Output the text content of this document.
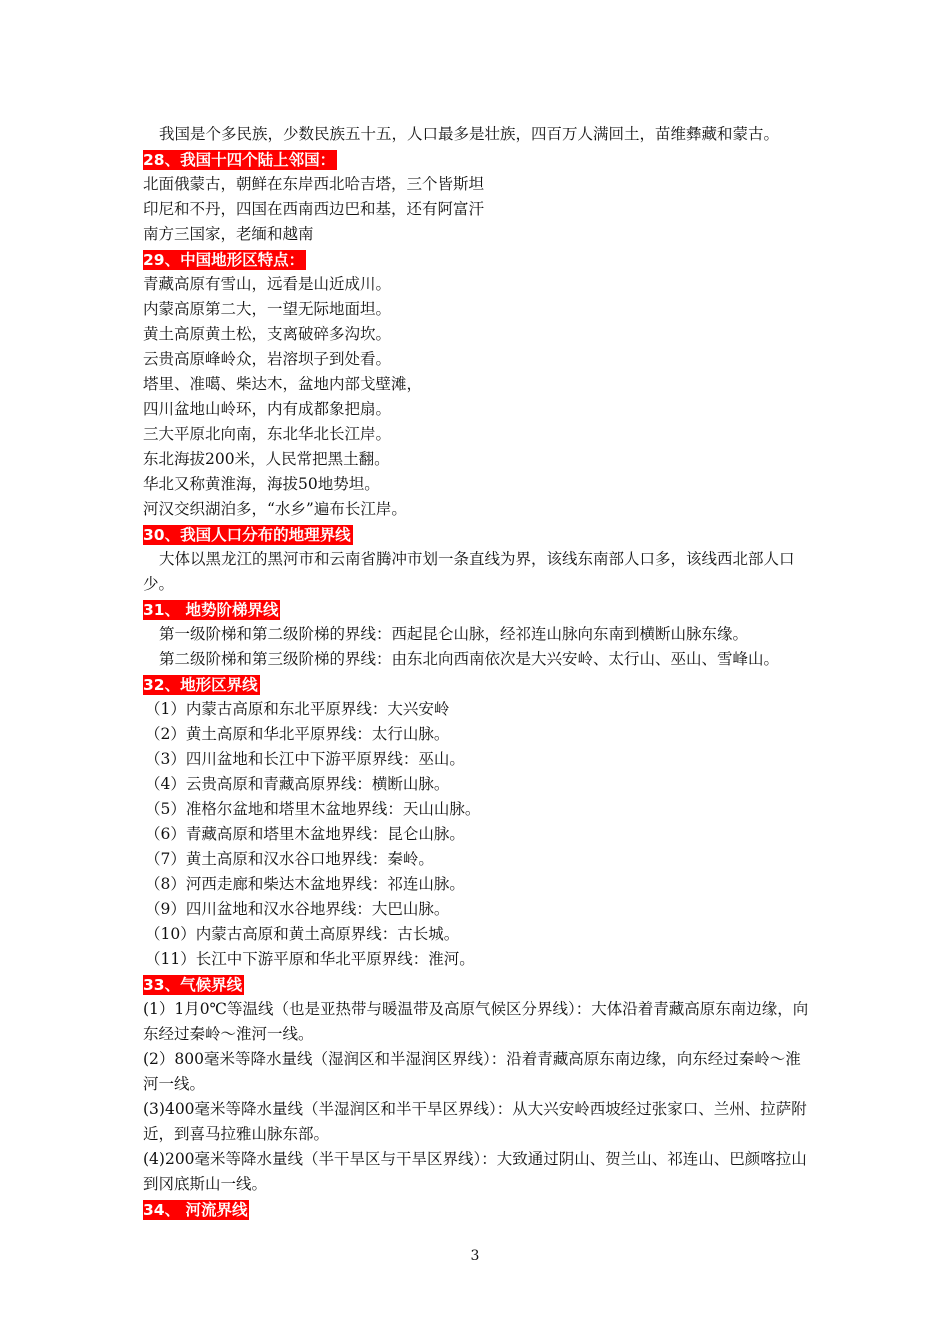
我国是个多民族，少数民族五十五，人口最多是壮族，四百万人满回土，苗维彝藏和蒙古。
28、我国十四个陆上邻国：
北面俄蒙古，朝鲜在东岸西北哈吉塔，三个皆斯坦
印尼和不丹，四国在西南西边巴和基，还有阿富汗
南方三国家，老缅和越南
29、中国地形区特点：
青藏高原有雪山，远看是山近成川。
内蒙高原第二大，一望无际地面坦。
黄土高原黄土松，支离破碎多沟坎。
云贵高原峰岭众，岩溶坝子到处看。
塔里、准噶、柴达木，盆地内部戈壁滩，
四川盆地山岭环，内有成都象把扇。
三大平原北向南，东北华北长江岸。
东北海拔200米，人民常把黑土翻。
华北又称黄淮海，海拔50地势坦。
河汉交织湖泊多，“水乡”遍布长江岸。
30、我国人口分布的地理界线
大体以黑龙江的黑河市和云南省腾冲市划一条直线为界，该线东南部人口多，该线西北部人口少。
31、 地势阶梯界线
第一级阶梯和第二级阶梯的界线：西起昆仑山脉，经祁连山脉向东南到横断山脉东缘。
第二级阶梯和第三级阶梯的界线：由东北向西南依次是大兴安岭、太行山、巫山、雪峰山。
32、地形区界线
（1）内蒙古高原和东北平原界线：大兴安岭
（2）黄土高原和华北平原界线：太行山脉。
（3）四川盆地和长江中下游平原界线：巫山。
（4）云贵高原和青藏高原界线：横断山脉。
（5）准格尔盆地和塔里木盆地界线：天山山脉。
（6）青藏高原和塔里木盆地界线：昆仑山脉。
（7）黄土高原和汉水谷口地界线：秦岭。
（8）河西走廊和柴达木盆地界线：祁连山脉。
（9）四川盆地和汉水谷地界线：大巴山脉。
（10）内蒙古高原和黄土高原界线：古长城。
（11）长江中下游平原和华北平原界线：淮河。
33、气候界线
(1）1月0℃等温线（也是亚热带与暖温带及高原气候区分界线）：大体沿着青藏高原东南边缘，向东经过秦岭～淮河一线。
(2）800毫米等降水量线（湿润区和半湿润区界线）：沿着青藏高原东南边缘，向东经过秦岭～淮河一线。
(3)400毫米等降水量线（半湿润区和半干旱区界线）：从大兴安岭西坡经过张家口、兰州、拉萨附近，到喜马拉雅山脉东部。
(4)200毫米等降水量线（半干旱区与干旱区界线）：大致通过阴山、贺兰山、祁连山、巴颜喀拉山到冈底斯山一线。
34、 河流界线
3
